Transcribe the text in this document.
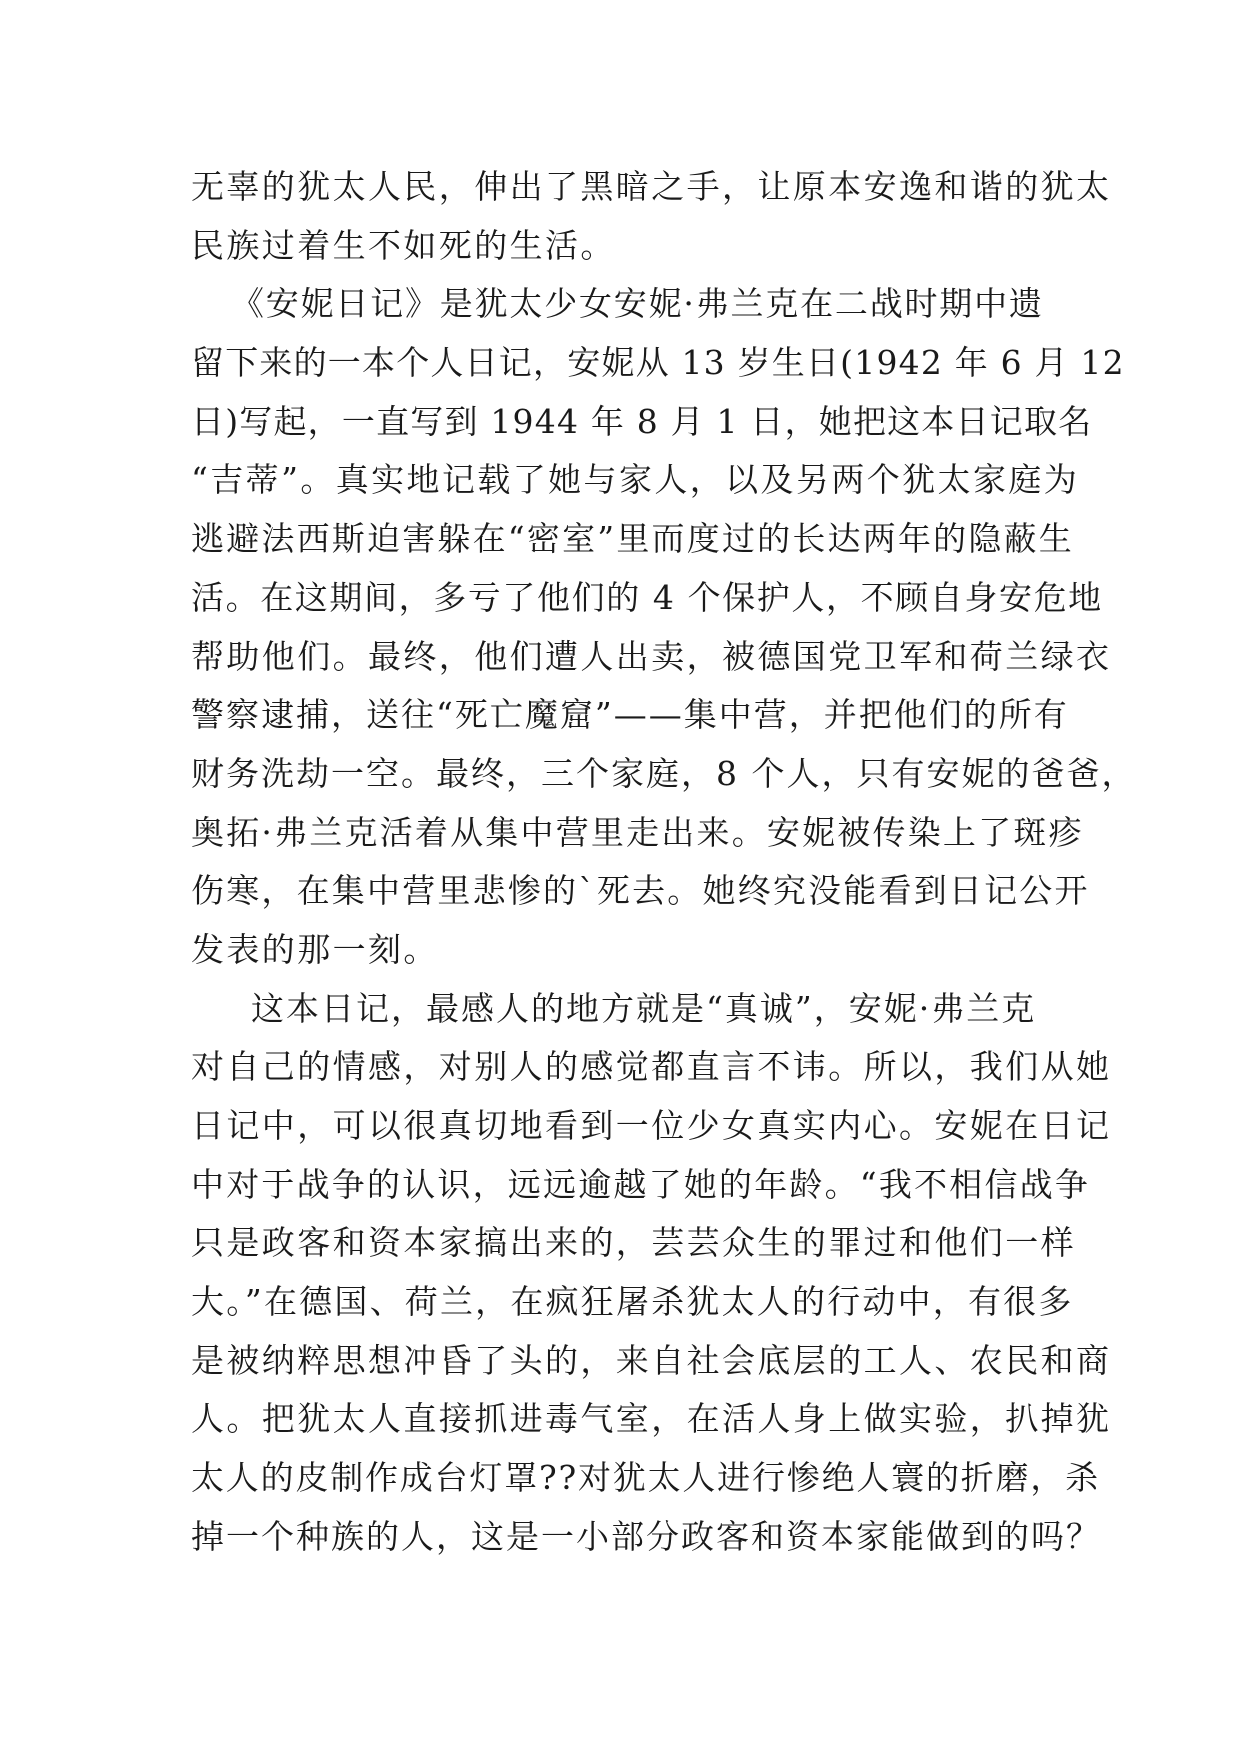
无辜的犹太人民，伸出了黑暗之手，让原本安逸和谐的犹太
民族过着生不如死的生活。
《安妮日记》是犹太少女安妮·弗兰克在二战时期中遗
留下来的一本个人日记，安妮从 13 岁生日(1942 年 6 月 12
日)写起，一直写到 1944 年 8 月 1 日，她把这本日记取名
“吉蒂”。真实地记载了她与家人，以及另两个犹太家庭为
逃避法西斯迫害躲在“密室”里而度过的长达两年的隐蔽生
活。在这期间，多亏了他们的 4 个保护人，不顾自身安危地
帮助他们。最终，他们遭人出卖，被德国党卫军和荷兰绿衣
警察逮捕，送往“死亡魔窟”——集中营，并把他们的所有
财务洗劫一空。最终，三个家庭，8 个人，只有安妮的爸爸，
奥拓·弗兰克活着从集中营里走出来。安妮被传染上了斑疹
伤寒，在集中营里悲惨的`死去。她终究没能看到日记公开
发表的那一刻。
这本日记，最感人的地方就是“真诚”，安妮·弗兰克
对自己的情感，对别人的感觉都直言不讳。所以，我们从她
日记中，可以很真切地看到一位少女真实内心。安妮在日记
中对于战争的认识，远远逾越了她的年龄。“我不相信战争
只是政客和资本家搞出来的，芸芸众生的罪过和他们一样
大。”在德国、荷兰，在疯狂屠杀犹太人的行动中，有很多
是被纳粹思想冲昏了头的，来自社会底层的工人、农民和商
人。把犹太人直接抓进毒气室，在活人身上做实验，扒掉犹
太人的皮制作成台灯罩??对犹太人进行惨绝人寰的折磨，杀
掉一个种族的人，这是一小部分政客和资本家能做到的吗？
